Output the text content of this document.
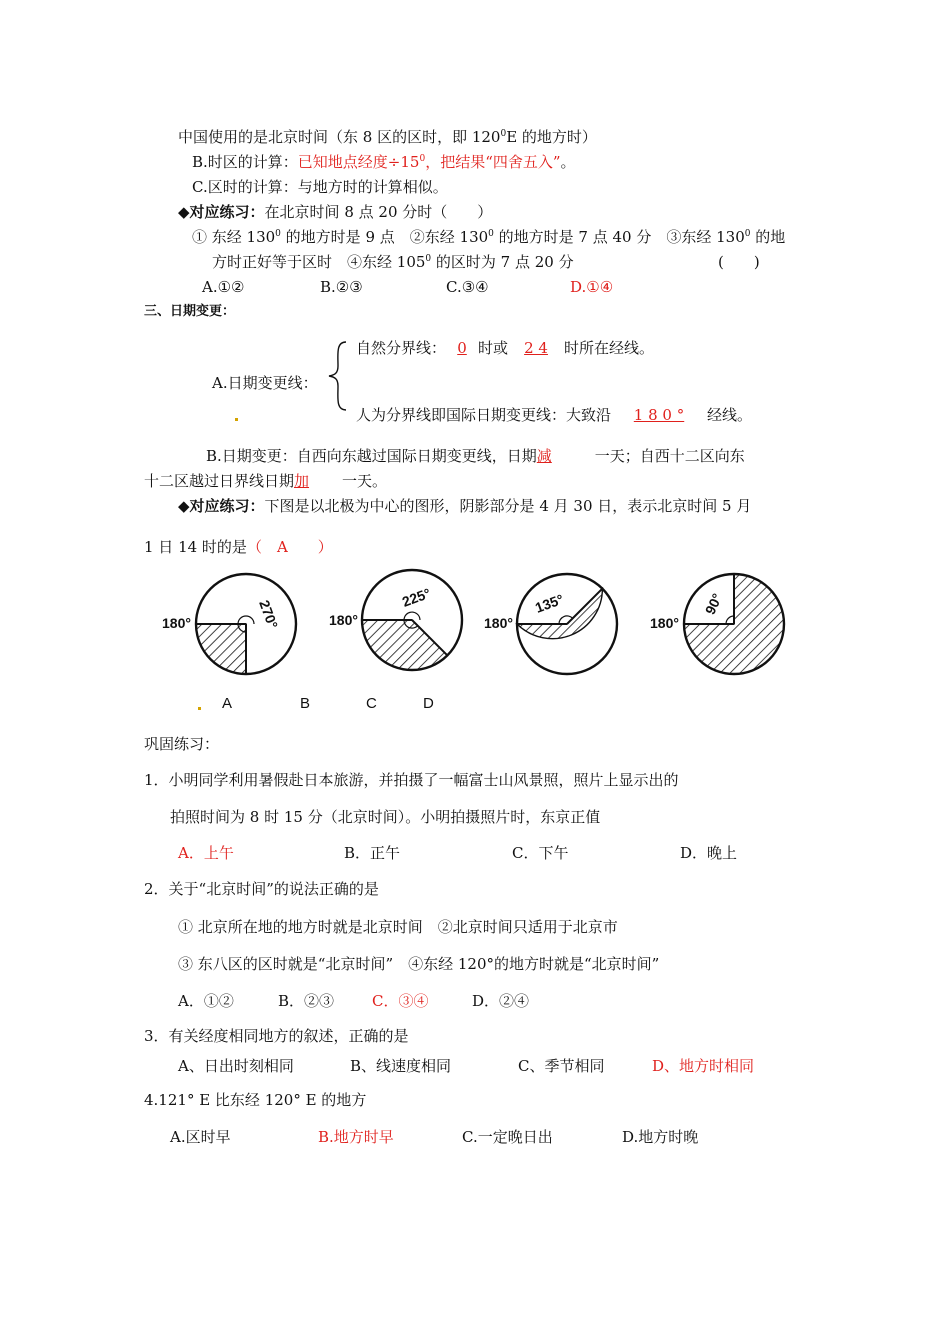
中国使用的是北京时间（东 8 区的区时，即 $120^0E$ 的地方时）
B.时区的计算：已知地点经度$\div 15^0$，把结果“四舍五入”。
C.区时的计算：与地方时的计算相似。
◆对应练习：在北京时间 8 点 20 分时（　　）
① 东经 $130^0$ 的地方时是 9 点　②东经 $130^0$ 的地方时是 7 点 40 分　③东经 $130^0$ 的地
方时正好等于区时　④东经 $105^0$ 的区时为 7 点 20 分	(　　)
A.①②	B.②③	C.③④	D.①④
三、日期变更：
自然分界线： 0 时或 2 4 时所在经线。
A.日期变更线：
人为分界线即国际日期变更线：大致沿 1 8 0 ° 经线。
B.日期变更：自西向东越过国际日期变更线，日期减	一天；自西十二区向东
十二区越过日界线日期加 一天。
◆对应练习：下图是以北极为中心的图形，阴影部分是 4 月 30 日，表示北京时间 5 月
1 日 14 时的是（　A　　）
180°	270°	180°
225°
180°
135°
180°
90°
A	B	C	D
巩固练习：
1．小明同学利用暑假赴日本旅游，并拍摄了一幅富士山风景照，照片上显示出的
拍照时间为 8 时 15 分（北京时间）。小明拍摄照片时，东京正值
A．上午	B．正午	C．下午	D．晚上
2．关于“北京时间”的说法正确的是
① 北京所在地的地方时就是北京时间　②北京时间只适用于北京市
③ 东八区的区时就是“北京时间”　④东经 120°的地方时就是“北京时间”
A．①②	B．②③	C．③④	D．②④
3．有关经度相同地方的叙述，正确的是
A、日出时刻相同	B、线速度相同	C、季节相同	D、地方时相同
4.121° E 比东经 120° E 的地方
A.区时早	B.地方时早	C.一定晚日出	D.地方时晚
